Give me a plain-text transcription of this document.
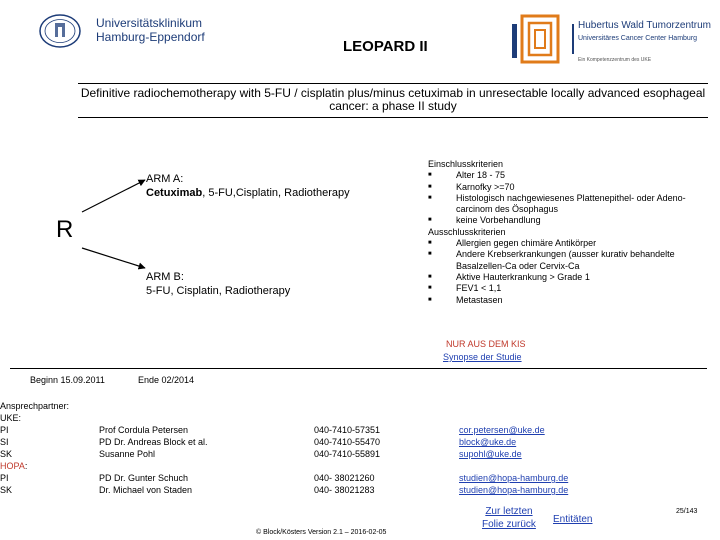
Universitätsklinikum
Hamburg-Eppendorf
LEOPARD II
Hubertus Wald Tumorzentrum
Universitäres Cancer Center Hamburg
Ein Kompetenzzentrum des UKE
Definitive radiochemotherapy with 5-FU / cisplatin plus/minus cetuximab in unresectable locally advanced esophageal cancer: a phase II study
R
ARM A:
Cetuximab, 5-FU,Cisplatin, Radiotherapy
ARM B:
5-FU, Cisplatin, Radiotherapy
Einschlusskriterien
■	Alter 18 - 75
■	Karnofky >=70
■	Histologisch nachgewiesenes Plattenepithel- oder Adeno-carcinom des Ösophagus
■	keine Vorbehandlung
Ausschlusskriterien
■	Allergien gegen chimäre Antikörper
■	Andere Krebserkrankungen (ausser kurativ behandelte Basalzellen-Ca oder Cervix-Ca
■	Aktive Hauterkrankung > Grade 1
■	FEV1 < 1,1
■	Metastasen
NUR AUS DEM KIS
Synopse der Studie
Beginn 15.09.2011	Ende 02/2014
Ansprechpartner:
UKE:
PI	Prof Cordula Petersen	040-7410-57351	cor.petersen@uke.de
SI	PD Dr. Andreas Block et al.	040-7410-55470	block@uke.de
SK	Susanne Pohl	040-7410-55891	supohl@uke.de
HOPA:
PI	PD Dr. Gunter Schuch	040- 38021260	studien@hopa-hamburg.de
SK	Dr. Michael von Staden	040- 38021283	studien@hopa-hamburg.de
Zur letzten
Folie zurück Entitäten
25/143
© Block/Kösters Version 2.1 – 2016-02-05
